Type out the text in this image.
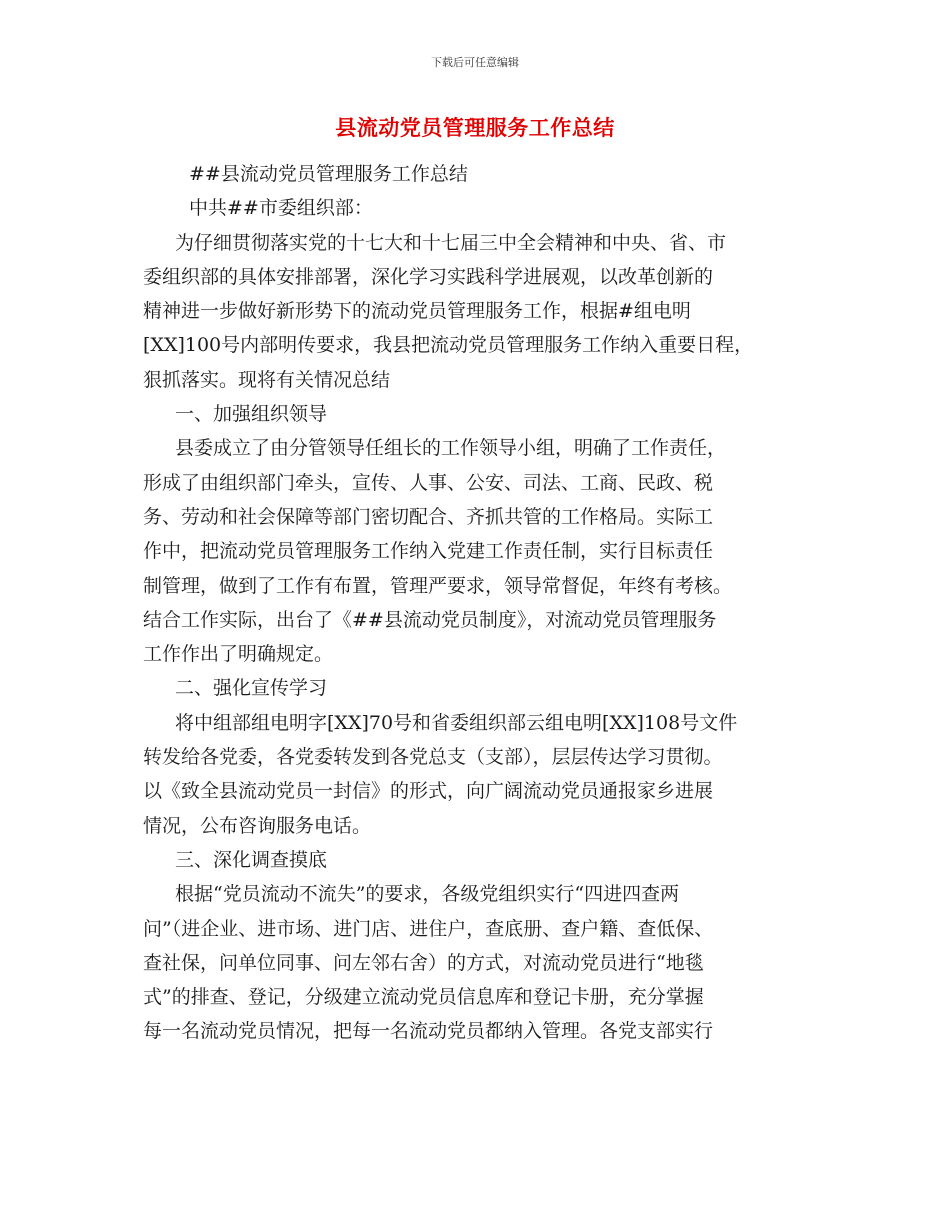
下载后可任意编辑
县流动党员管理服务工作总结
##县流动党员管理服务工作总结
中共##市委组织部：
为仔细贯彻落实党的十七大和十七届三中全会精神和中央、省、市
委组织部的具体安排部署，深化学习实践科学进展观，以改革创新的
精神进一步做好新形势下的流动党员管理服务工作，根据#组电明
[XX]100号内部明传要求，我县把流动党员管理服务工作纳入重要日程，
狠抓落实。现将有关情况总结
一、加强组织领导
县委成立了由分管领导任组长的工作领导小组，明确了工作责任，
形成了由组织部门牵头，宣传、人事、公安、司法、工商、民政、税
务、劳动和社会保障等部门密切配合、齐抓共管的工作格局。实际工
作中，把流动党员管理服务工作纳入党建工作责任制，实行目标责任
制管理，做到了工作有布置，管理严要求，领导常督促，年终有考核。
结合工作实际，出台了《##县流动党员制度》，对流动党员管理服务
工作作出了明确规定。
二、强化宣传学习
将中组部组电明字[XX]70号和省委组织部云组电明[XX]108号文件
转发给各党委，各党委转发到各党总支（支部），层层传达学习贯彻。
以《致全县流动党员一封信》的形式，向广阔流动党员通报家乡进展
情况，公布咨询服务电话。
三、深化调查摸底
根据“党员流动不流失”的要求，各级党组织实行“四进四查两
问”（进企业、进市场、进门店、进住户，查底册、查户籍、查低保、
查社保，问单位同事、问左邻右舍）的方式，对流动党员进行“地毯
式”的排查、登记，分级建立流动党员信息库和登记卡册，充分掌握
每一名流动党员情况，把每一名流动党员都纳入管理。各党支部实行
